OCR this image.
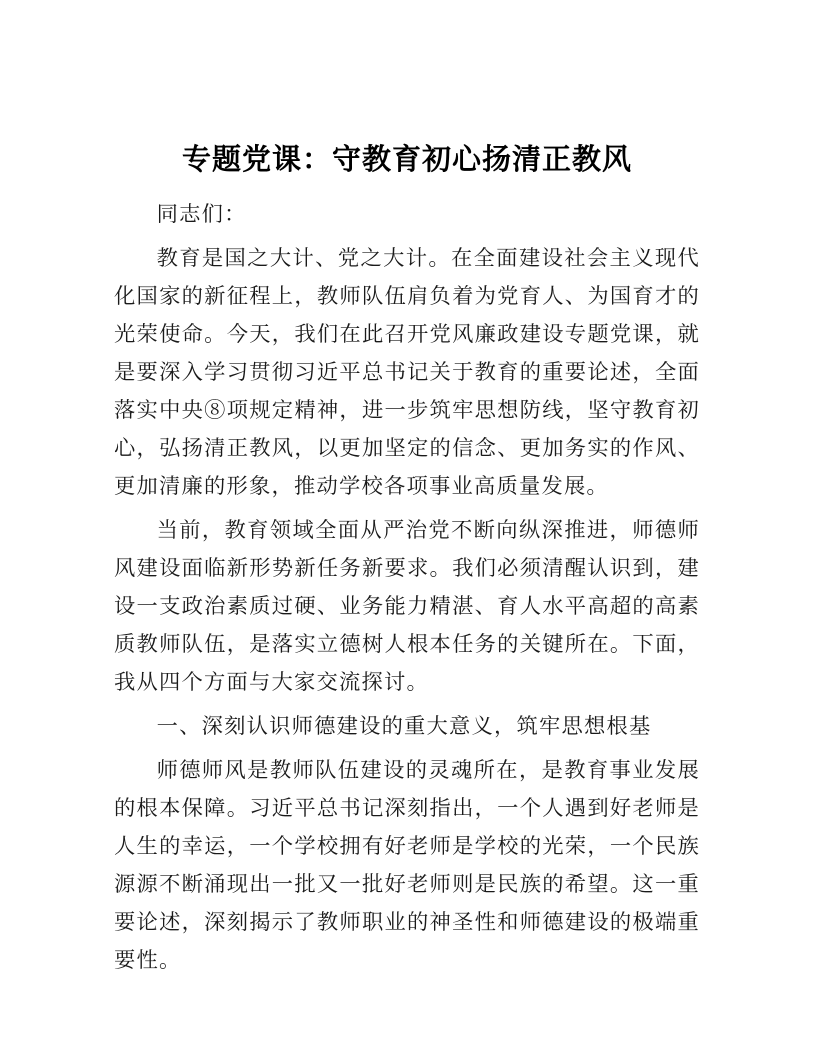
专题党课：守教育初心扬清正教风

同志们：

教育是国之大计、党之大计。在全面建设社会主义现代化国家的新征程上，教师队伍肩负着为党育人、为国育才的光荣使命。今天，我们在此召开党风廉政建设专题党课，就是要深入学习贯彻习近平总书记关于教育的重要论述，全面落实中央⑧项规定精神，进一步筑牢思想防线，坚守教育初心，弘扬清正教风，以更加坚定的信念、更加务实的作风、更加清廉的形象，推动学校各项事业高质量发展。

当前，教育领域全面从严治党不断向纵深推进，师德师风建设面临新形势新任务新要求。我们必须清醒认识到，建设一支政治素质过硬、业务能力精湛、育人水平高超的高素质教师队伍，是落实立德树人根本任务的关键所在。下面，我从四个方面与大家交流探讨。

一、深刻认识师德建设的重大意义，筑牢思想根基

师德师风是教师队伍建设的灵魂所在，是教育事业发展的根本保障。习近平总书记深刻指出，一个人遇到好老师是人生的幸运，一个学校拥有好老师是学校的光荣，一个民族源源不断涌现出一批又一批好老师则是民族的希望。这一重要论述，深刻揭示了教师职业的神圣性和师德建设的极端重要性。
